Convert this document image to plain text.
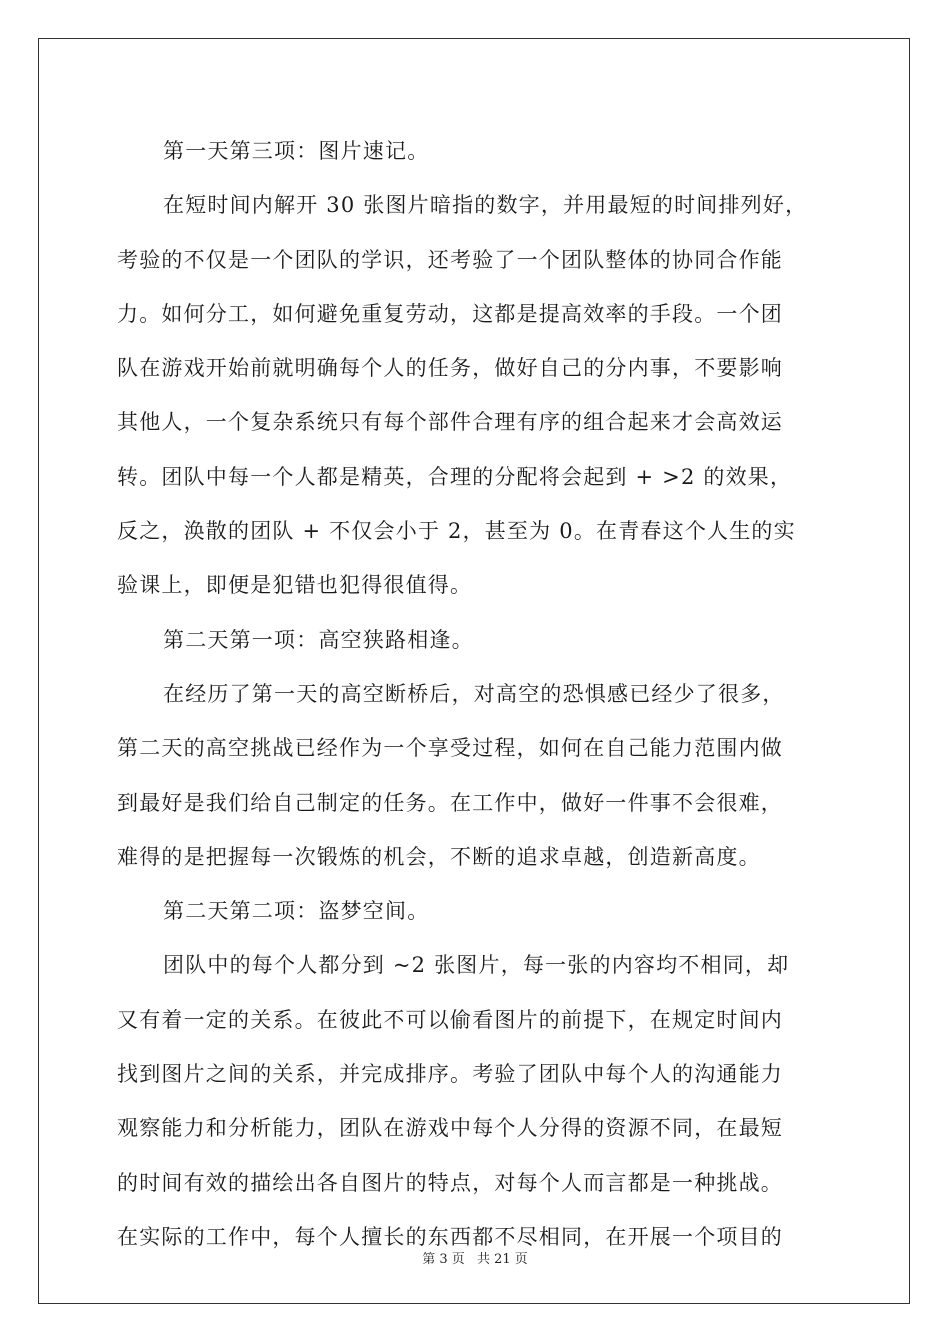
第一天第三项：图片速记。
在短时间内解开 30 张图片暗指的数字，并用最短的时间排列好，
考验的不仅是一个团队的学识，还考验了一个团队整体的协同合作能
力。如何分工，如何避免重复劳动，这都是提高效率的手段。一个团
队在游戏开始前就明确每个人的任务，做好自己的分内事，不要影响
其他人，一个复杂系统只有每个部件合理有序的组合起来才会高效运
转。团队中每一个人都是精英，合理的分配将会起到 + >2 的效果，
反之，涣散的团队 + 不仅会小于 2，甚至为 0。在青春这个人生的实
验课上，即便是犯错也犯得很值得。
第二天第一项：高空狭路相逢。
在经历了第一天的高空断桥后，对高空的恐惧感已经少了很多，
第二天的高空挑战已经作为一个享受过程，如何在自己能力范围内做
到最好是我们给自己制定的任务。在工作中，做好一件事不会很难，
难得的是把握每一次锻炼的机会，不断的追求卓越，创造新高度。
第二天第二项：盗梦空间。
团队中的每个人都分到 ~2 张图片，每一张的内容均不相同，却
又有着一定的关系。在彼此不可以偷看图片的前提下，在规定时间内
找到图片之间的关系，并完成排序。考验了团队中每个人的沟通能力
观察能力和分析能力，团队在游戏中每个人分得的资源不同，在最短
的时间有效的描绘出各自图片的特点，对每个人而言都是一种挑战。
在实际的工作中，每个人擅长的东西都不尽相同，在开展一个项目的
第 3 页 共 21 页
